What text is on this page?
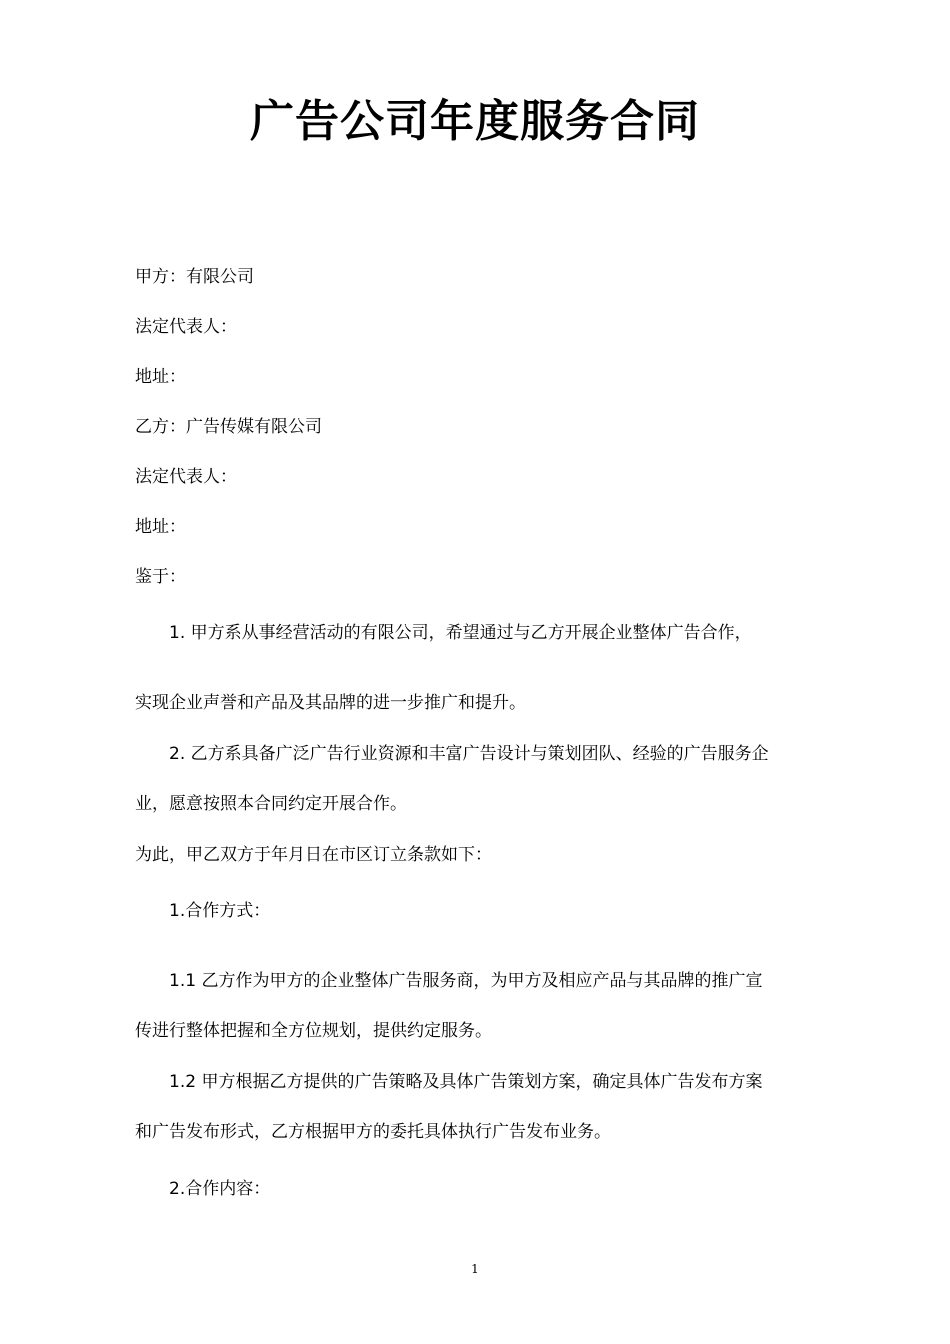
广告公司年度服务合同
甲方：有限公司
法定代表人：
地址：
乙方：广告传媒有限公司
法定代表人：
地址：
鉴于：
1. 甲方系从事经营活动的有限公司，希望通过与乙方开展企业整体广告合作，
实现企业声誉和产品及其品牌的进一步推广和提升。
2. 乙方系具备广泛广告行业资源和丰富广告设计与策划团队、经验的广告服务企
业，愿意按照本合同约定开展合作。
为此，甲乙双方于年月日在市区订立条款如下：
1.合作方式：
1.1 乙方作为甲方的企业整体广告服务商，为甲方及相应产品与其品牌的推广宣
传进行整体把握和全方位规划，提供约定服务。
1.2 甲方根据乙方提供的广告策略及具体广告策划方案，确定具体广告发布方案
和广告发布形式，乙方根据甲方的委托具体执行广告发布业务。
2.合作内容：
1
